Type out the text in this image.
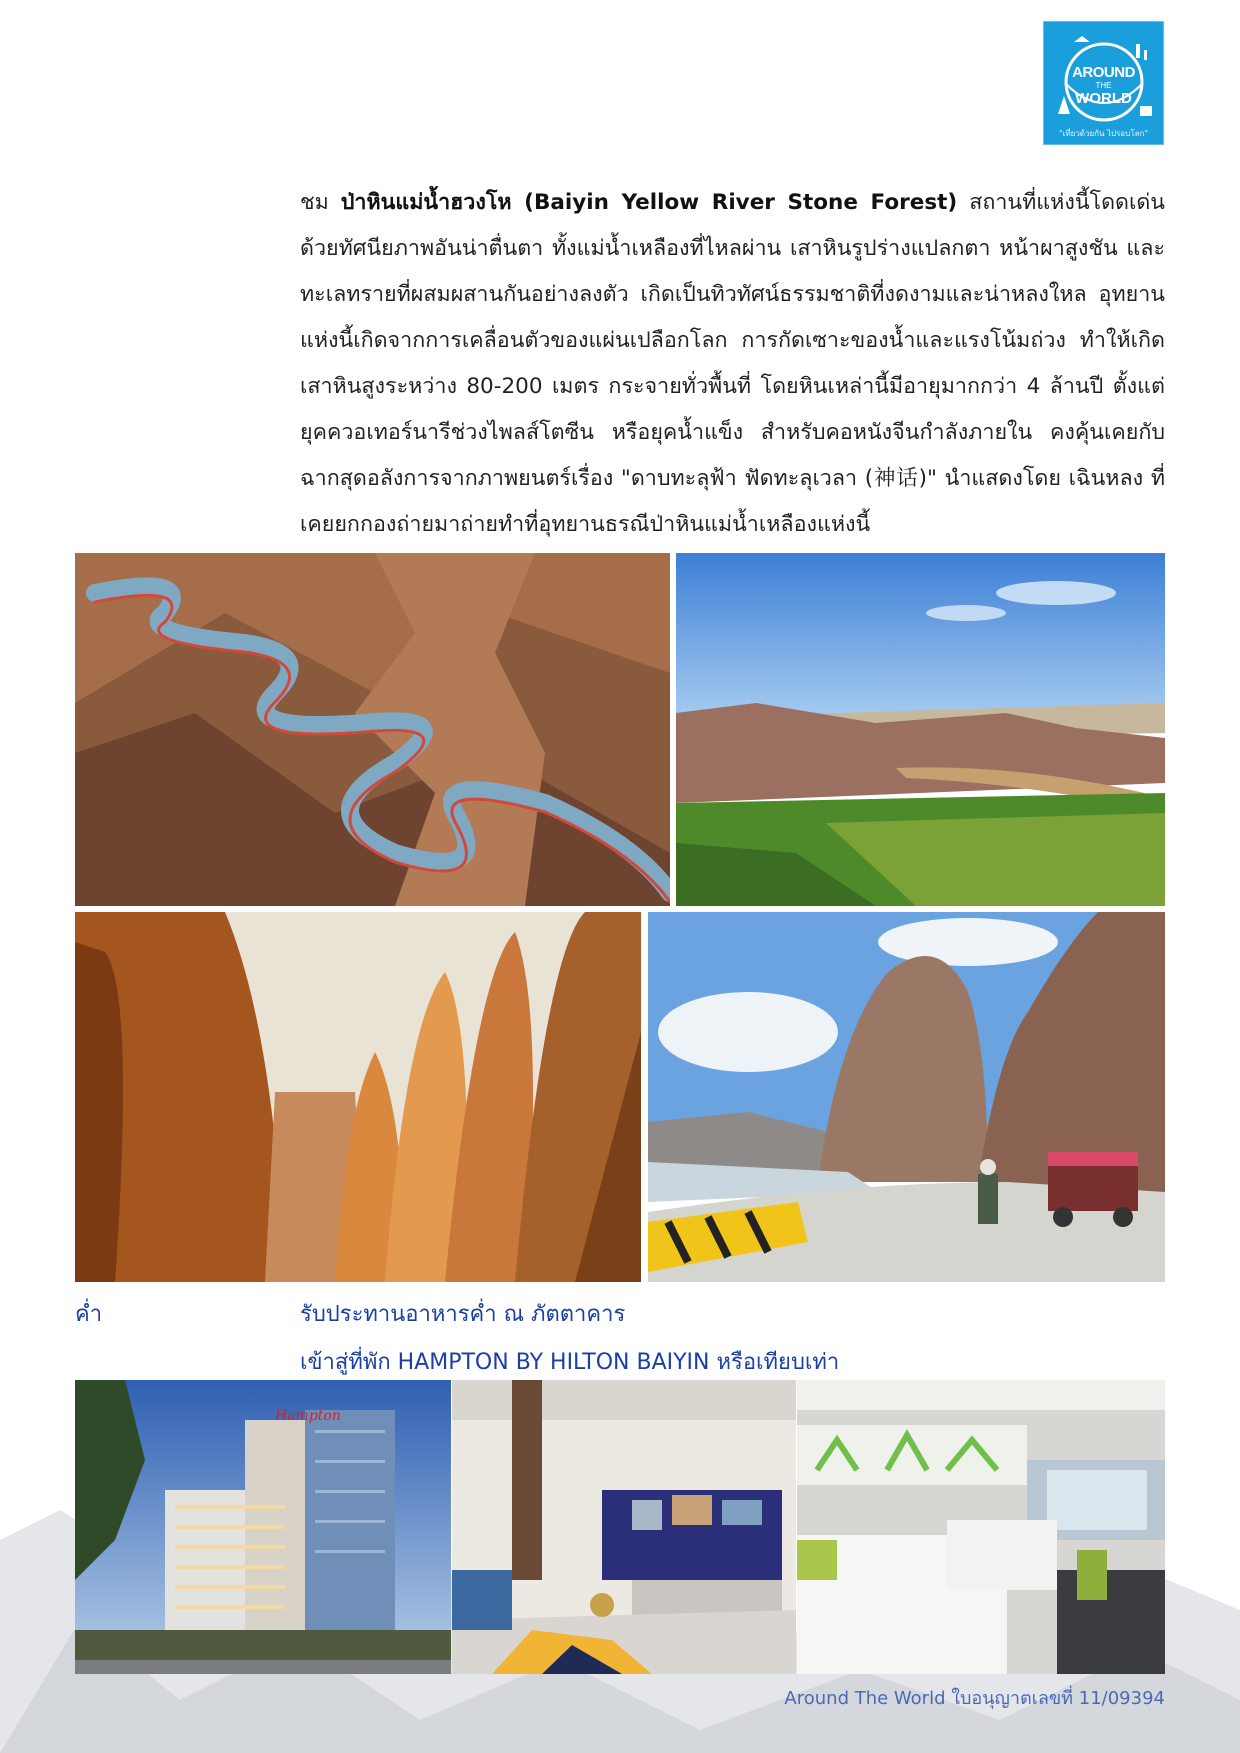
AROUND
THE
WORLD
"เที่ยวด้วยกัน ไปรอบโลก"

ชม ป่าหินแม่น้ำฮวงโห (Baiyin Yellow River Stone Forest) สถานที่แห่งนี้โดดเด่นด้วยทัศนียภาพอันน่าตื่นตา ทั้งแม่น้ำเหลืองที่ไหลผ่าน เสาหินรูปร่างแปลกตา หน้าผาสูงชัน และทะเลทรายที่ผสมผสานกันอย่างลงตัว เกิดเป็นทิวทัศน์ธรรมชาติที่งดงามและน่าหลงใหล อุทยานแห่งนี้เกิดจากการเคลื่อนตัวของแผ่นเปลือกโลก การกัดเซาะของน้ำและแรงโน้มถ่วง ทำให้เกิดเสาหินสูงระหว่าง 80-200 เมตร กระจายทั่วพื้นที่ โดยหินเหล่านี้มีอายุมากกว่า 4 ล้านปี ตั้งแต่ยุคควอเทอร์นารีช่วงไพลส์โตซีน หรือยุคน้ำแข็ง สำหรับคอหนังจีนกำลังภายใน คงคุ้นเคยกับฉากสุดอลังการจากภาพยนตร์เรื่อง "ดาบทะลุฟ้า ฟัดทะลุเวลา (神话)" นำแสดงโดย เฉินหลง ที่เคยยกกองถ่ายมาถ่ายทำที่อุทยานธรณีป่าหินแม่น้ำเหลืองแห่งนี้

ค่ำ	รับประทานอาหารค่ำ ณ ภัตตาคาร
เข้าสู่ที่พัก HAMPTON BY HILTON BAIYIN หรือเทียบเท่า
Hampton
Around The World ใบอนุญาตเลขที่ 11/09394
